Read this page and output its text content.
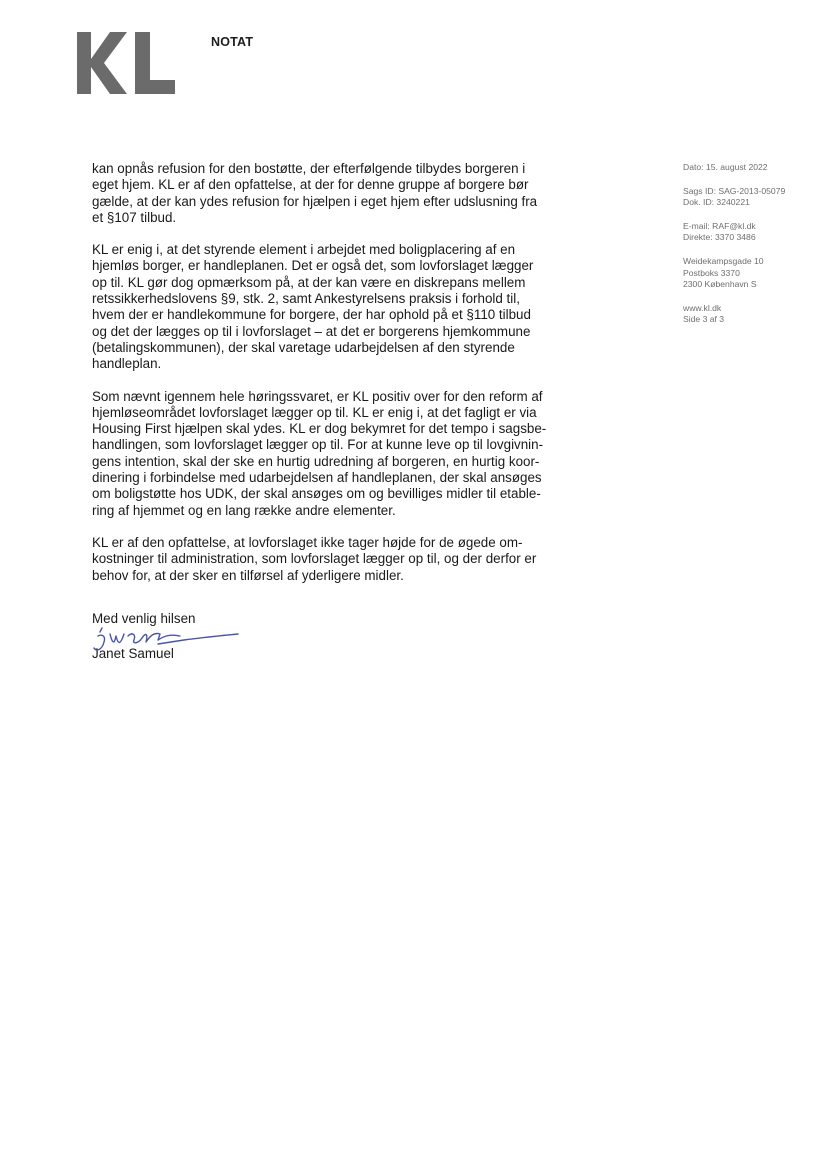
NOTAT
kan opnås refusion for den bostøtte, der efterfølgende tilbydes borgeren i
eget hjem. KL er af den opfattelse, at der for denne gruppe af borgere bør
gælde, at der kan ydes refusion for hjælpen i eget hjem efter udslusning fra
et §107 tilbud.
KL er enig i, at det styrende element i arbejdet med boligplacering af en
hjemløs borger, er handleplanen. Det er også det, som lovforslaget lægger
op til. KL gør dog opmærksom på, at der kan være en diskrepans mellem
retssikkerhedslovens §9, stk. 2, samt Ankestyrelsens praksis i forhold til,
hvem der er handlekommune for borgere, der har ophold på et §110 tilbud
og det der lægges op til i lovforslaget – at det er borgerens hjemkommune
(betalingskommunen), der skal varetage udarbejdelsen af den styrende
handleplan.
Som nævnt igennem hele høringssvaret, er KL positiv over for den reform af
hjemløseområdet lovforslaget lægger op til. KL er enig i, at det fagligt er via
Housing First hjælpen skal ydes. KL er dog bekymret for det tempo i sagsbe-
handlingen, som lovforslaget lægger op til. For at kunne leve op til lovgivnin-
gens intention, skal der ske en hurtig udredning af borgeren, en hurtig koor-
dinering i forbindelse med udarbejdelsen af handleplanen, der skal ansøges
om boligstøtte hos UDK, der skal ansøges om og bevilliges midler til etable-
ring af hjemmet og en lang række andre elementer.
KL er af den opfattelse, at lovforslaget ikke tager højde for de øgede om-
kostninger til administration, som lovforslaget lægger op til, og der derfor er
behov for, at der sker en tilførsel af yderligere midler.
Med venlig hilsen
Janet Samuel
Dato: 15. august 2022
Sags ID: SAG-2013-05079
Dok. ID: 3240221
E-mail: RAF@kl.dk
Direkte: 3370 3486
Weidekampsgade 10
Postboks 3370
2300 København S
www.kl.dk
Side 3 af 3
